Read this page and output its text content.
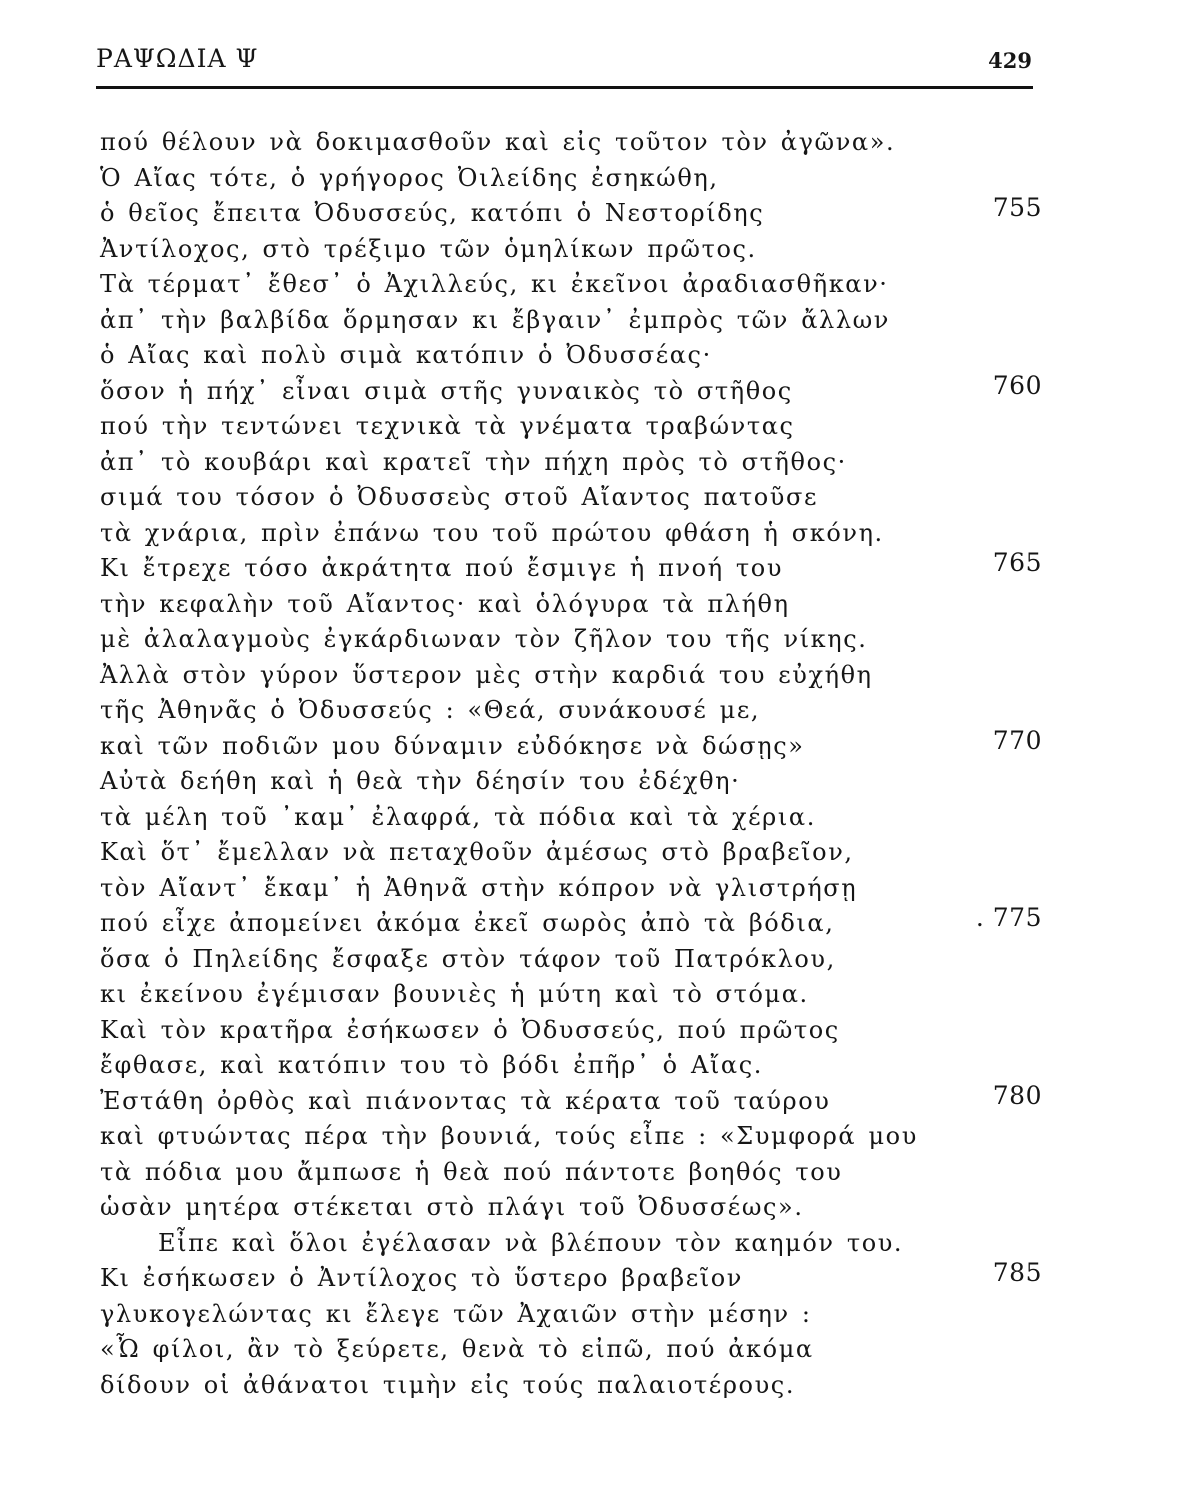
ΡΑΨΩΔΙΑ Ψ	429
πού θέλουν νὰ δοκιμασθοῦν καὶ εἰς τοῦτον τὸν ἀγῶνα».
Ὁ Αἴας τότε, ὁ γρήγορος Ὀιλείδης ἐσηκώθη,
ὁ θεῖος ἔπειτα Ὀδυσσεύς, κατόπι ὁ Νεστορίδης	755
Ἀντίλοχος, στὸ τρέξιμο τῶν ὁμηλίκων πρῶτος.
Τὰ τέρματ᾽ ἔθεσ᾽ ὁ Ἀχιλλεύς, κι ἐκεῖνοι ἀραδιασθῆκαν·
ἀπ᾽ τὴν βαλβίδα ὅρμησαν κι ἔβγαιν᾽ ἐμπρὸς τῶν ἄλλων
ὁ Αἴας καὶ πολὺ σιμὰ κατόπιν ὁ Ὀδυσσέας·
ὅσον ἡ πήχ᾽ εἶναι σιμὰ στῆς γυναικὸς τὸ στῆθος	760
πού τὴν τεντώνει τεχνικὰ τὰ γνέματα τραβώντας
ἀπ᾽ τὸ κουβάρι καὶ κρατεῖ τὴν πήχη πρὸς τὸ στῆθος·
σιμά του τόσον ὁ Ὀδυσσεὺς στοῦ Αἴαντος πατοῦσε
τὰ χνάρια, πρὶν ἐπάνω του τοῦ πρώτου φθάση ἡ σκόνη.
Κι ἔτρεχε τόσο ἀκράτητα πού ἔσμιγε ἡ πνοή του	765
τὴν κεφαλὴν τοῦ Αἴαντος· καὶ ὁλόγυρα τὰ πλήθη
μὲ ἀλαλαγμοὺς ἐγκάρδιωναν τὸν ζῆλον του τῆς νίκης.
Ἀλλὰ στὸν γύρον ὕστερον μὲς στὴν καρδιά του εὐχήθη
τῆς Ἀθηνᾶς ὁ Ὀδυσσεύς : «Θεά, συνάκουσέ με,
καὶ τῶν ποδιῶν μου δύναμιν εὐδόκησε νὰ δώσῃς»	770
Αὐτὰ δεήθη καὶ ἡ θεὰ τὴν δέησίν του ἐδέχθη·
τὰ μέλη τοῦ ᾽καμ᾽ ἐλαφρά, τὰ πόδια καὶ τὰ χέρια.
Καὶ ὅτ᾽ ἔμελλαν νὰ πεταχθοῦν ἀμέσως στὸ βραβεῖον,
τὸν Αἴαντ᾽ ἔκαμ᾽ ἡ Ἀθηνᾶ στὴν κόπρον νὰ γλιστρήσῃ
πού εἶχε ἀπομείνει ἀκόμα ἐκεῖ σωρὸς ἀπὸ τὰ βόδια,	. 775
ὅσα ὁ Πηλείδης ἔσφαξε στὸν τάφον τοῦ Πατρόκλου,
κι ἐκείνου ἐγέμισαν βουνιὲς ἡ μύτη καὶ τὸ στόμα.
Καὶ τὸν κρατῆρα ἐσήκωσεν ὁ Ὀδυσσεύς, πού πρῶτος
ἔφθασε, καὶ κατόπιν του τὸ βόδι ἐπῆρ᾽ ὁ Αἴας.
Ἐστάθη ὀρθὸς καὶ πιάνοντας τὰ κέρατα τοῦ ταύρου	780
καὶ φτυώντας πέρα τὴν βουνιά, τούς εἶπε : «Συμφορά μου
τὰ πόδια μου ἄμπωσε ἡ θεὰ πού πάντοτε βοηθός του
ὡσὰν μητέρα στέκεται στὸ πλάγι τοῦ Ὀδυσσέως».
Εἶπε καὶ ὅλοι ἐγέλασαν νὰ βλέπουν τὸν καημόν του.
Κι ἐσήκωσεν ὁ Ἀντίλοχος τὸ ὕστερο βραβεῖον	785
γλυκογελώντας κι ἔλεγε τῶν Ἀχαιῶν στὴν μέσην :
«Ὦ φίλοι, ἂν τὸ ξεύρετε, θενὰ τὸ εἰπῶ, πού ἀκόμα
δίδουν οἱ ἀθάνατοι τιμὴν εἰς τούς παλαιοτέρους.
